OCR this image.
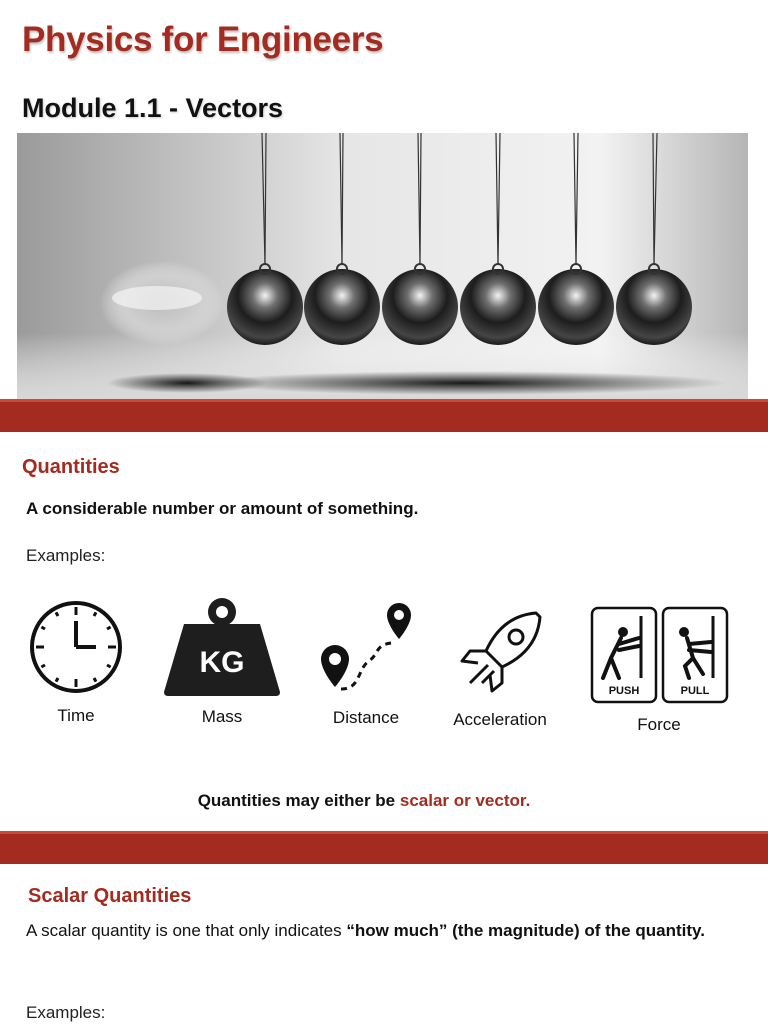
Physics for Engineers
Module 1.1 - Vectors
Quantities
A considerable number or amount of something.
Examples:
Time
KG
Mass	Distance	Acceleration
PUSH	PULL
Force
Quantities may either be scalar or vector.
Scalar Quantities
A scalar quantity is one that only indicates “how much” (the magnitude) of the quantity.
Examples:
